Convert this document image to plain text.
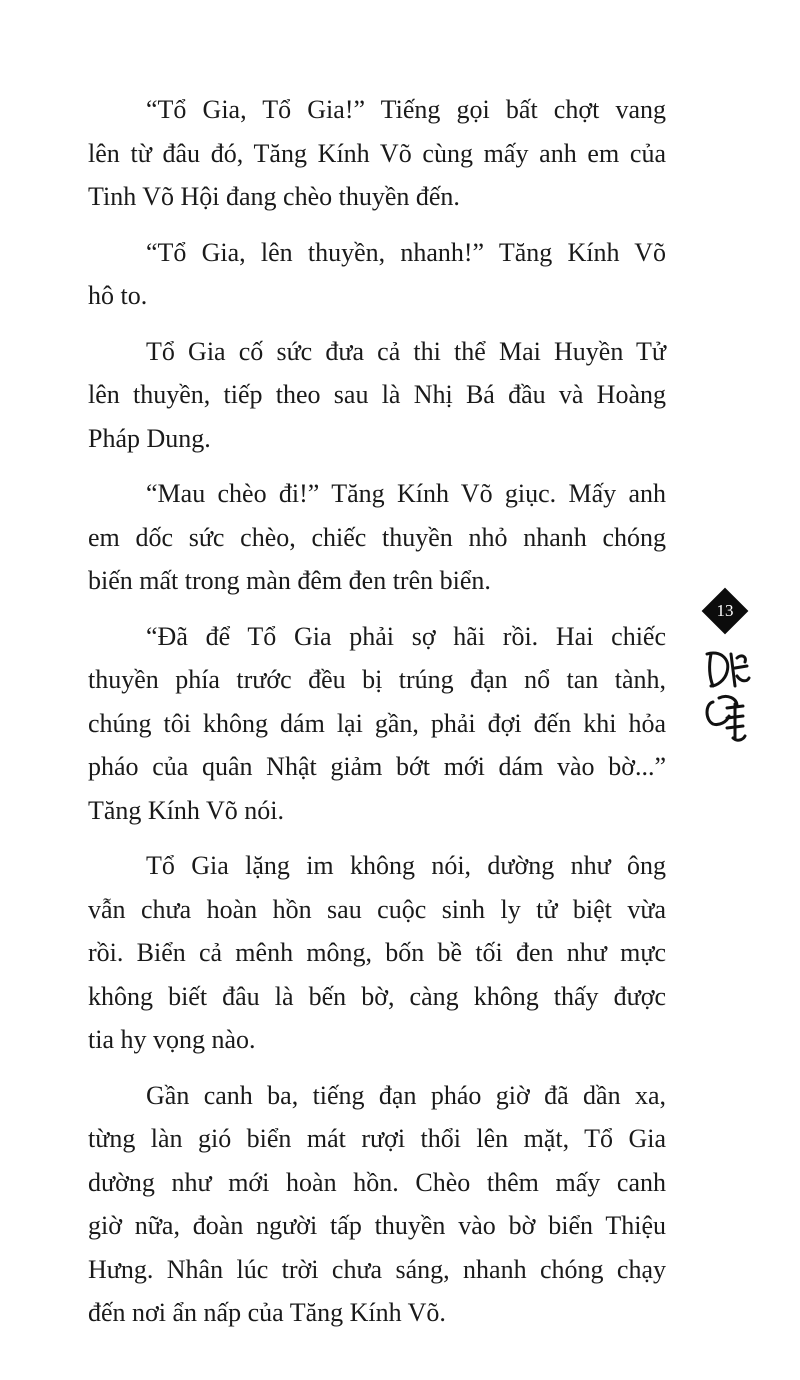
“Tổ Gia, Tổ Gia!” Tiếng gọi bất chợt vang
lên từ đâu đó, Tăng Kính Võ cùng mấy anh em của
Tinh Võ Hội đang chèo thuyền đến.

“Tổ Gia, lên thuyền, nhanh!” Tăng Kính Võ
hô to.

Tổ Gia cố sức đưa cả thi thể Mai Huyền Tử
lên thuyền, tiếp theo sau là Nhị Bá đầu và Hoàng
Pháp Dung.

“Mau chèo đi!” Tăng Kính Võ giục. Mấy anh
em dốc sức chèo, chiếc thuyền nhỏ nhanh chóng
biến mất trong màn đêm đen trên biển.

“Đã để Tổ Gia phải sợ hãi rồi. Hai chiếc
thuyền phía trước đều bị trúng đạn nổ tan tành,
chúng tôi không dám lại gần, phải đợi đến khi hỏa
pháo của quân Nhật giảm bớt mới dám vào bờ...”
Tăng Kính Võ nói.

Tổ Gia lặng im không nói, dường như ông
vẫn chưa hoàn hồn sau cuộc sinh ly tử biệt vừa
rồi. Biển cả mênh mông, bốn bề tối đen như mực
không biết đâu là bến bờ, càng không thấy được
tia hy vọng nào.

Gần canh ba, tiếng đạn pháo giờ đã dần xa,
từng làn gió biển mát rượi thổi lên mặt, Tổ Gia
dường như mới hoàn hồn. Chèo thêm mấy canh
giờ nữa, đoàn người tấp thuyền vào bờ biển Thiệu
Hưng. Nhân lúc trời chưa sáng, nhanh chóng chạy
đến nơi ẩn nấp của Tăng Kính Võ.

13
